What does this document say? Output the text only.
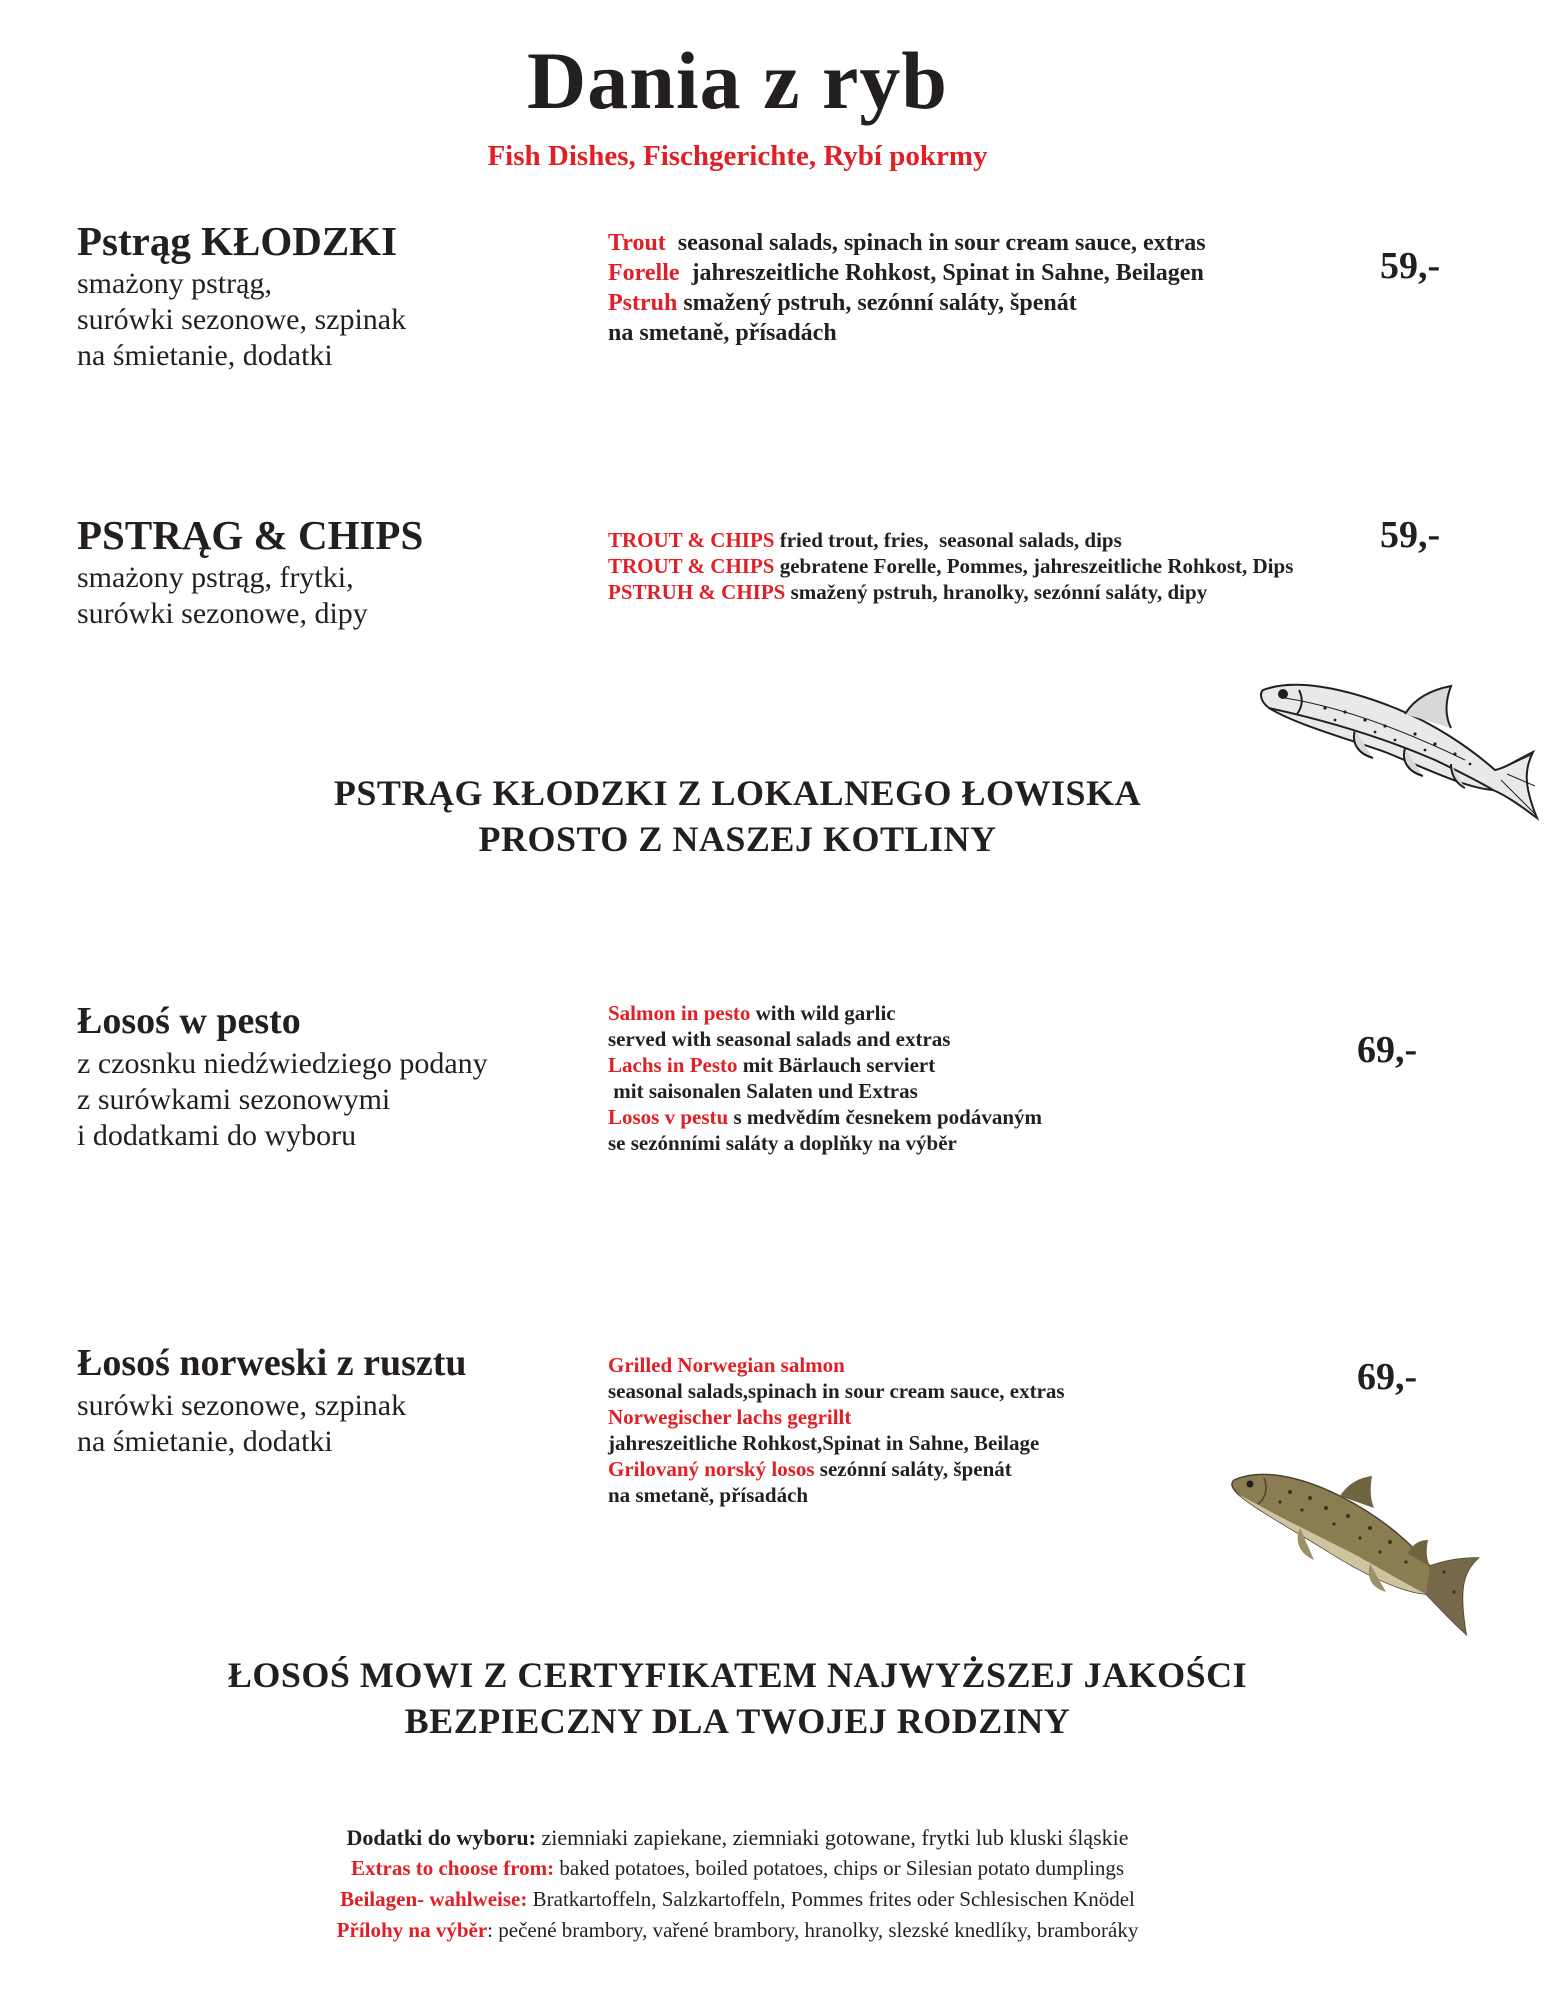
Dania z ryb
Fish Dishes, Fischgerichte, Rybí pokrmy
Pstrąg KŁODZKI
smażony pstrąg,
surówki sezonowe, szpinak
na śmietanie, dodatki
Trout  seasonal salads, spinach in sour cream sauce, extras
Forelle  jahreszeitliche Rohkost, Spinat in Sahne, Beilagen
Pstruh smažený pstruh, sezónní saláty, špenát
na smetaně, přísadách
59,-
PSTRĄG & CHIPS
smażony pstrąg, frytki,
surówki sezonowe, dipy
TROUT & CHIPS fried trout, fries,  seasonal salads, dips
TROUT & CHIPS gebratene Forelle, Pommes, jahreszeitliche Rohkost, Dips
PSTRUH & CHIPS smažený pstruh, hranolky, sezónní saláty, dipy
59,-
PSTRĄG KŁODZKI Z LOKALNEGO ŁOWISKA
PROSTO Z NASZEJ KOTLINY
Łosoś w pesto
z czosnku niedźwiedziego podany
z surówkami sezonowymi
i dodatkami do wyboru
Salmon in pesto with wild garlic
served with seasonal salads and extras
Lachs in Pesto mit Bärlauch serviert
mit saisonalen Salaten und Extras
Losos v pestu s medvědím česnekem podávaným
se sezónními saláty a doplňky na výběr
69,-
Łosoś norweski z rusztu
surówki sezonowe, szpinak
na śmietanie, dodatki
Grilled Norwegian salmon
seasonal salads,spinach in sour cream sauce, extras
Norwegischer lachs gegrillt
jahreszeitliche Rohkost,Spinat in Sahne, Beilage
Grilovaný norský losos sezónní saláty, špenát
na smetaně, přísadách
69,-
ŁOSOŚ MOWI Z CERTYFIKATEM NAJWYŻSZEJ JAKOŚCI
BEZPIECZNY DLA TWOJEJ RODZINY
Dodatki do wyboru: ziemniaki zapiekane, ziemniaki gotowane, frytki lub kluski śląskie
Extras to choose from: baked potatoes, boiled potatoes, chips or Silesian potato dumplings
Beilagen- wahlweise: Bratkartoffeln, Salzkartoffeln, Pommes frites oder Schlesischen Knödel
Přílohy na výběr: pečené brambory, vařené brambory, hranolky, slezské knedlíky, bramboráky
